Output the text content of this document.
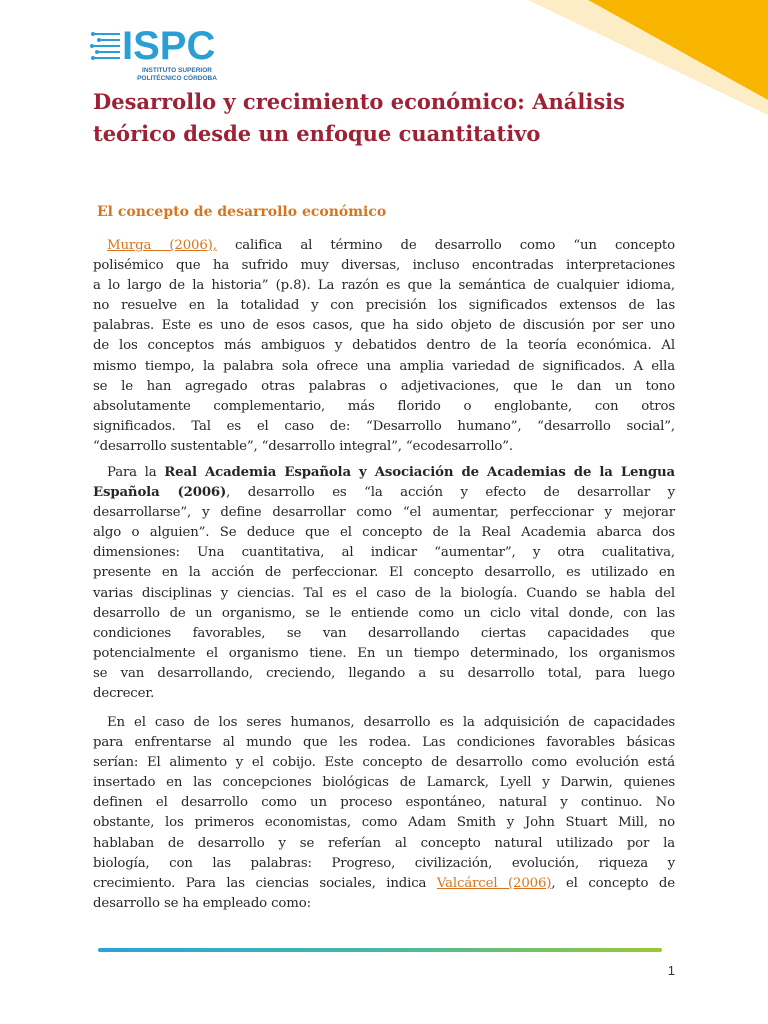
ISPC
INSTITUTO SUPERIOR
POLITÉCNICO CÓRDOBA
Desarrollo y crecimiento económico: Análisis
teórico desde un enfoque cuantitativo
El concepto de desarrollo económico
Murga (2006), califica al término de desarrollo como “un concepto
polisémico que ha sufrido muy diversas, incluso encontradas interpretaciones
a lo largo de la historia” (p.8). La razón es que la semántica de cualquier idioma,
no resuelve en la totalidad y con precisión los significados extensos de las
palabras. Este es uno de esos casos, que ha sido objeto de discusión por ser uno
de los conceptos más ambiguos y debatidos dentro de la teoría económica. Al
mismo tiempo, la palabra sola ofrece una amplia variedad de significados. A ella
se le han agregado otras palabras o adjetivaciones, que le dan un tono
absolutamente complementario, más florido o englobante, con otros
significados. Tal es el caso de: “Desarrollo humano”, “desarrollo social”,
“desarrollo sustentable”, “desarrollo integral”, “ecodesarrollo”.
Para la Real Academia Española y Asociación de Academias de la Lengua
Española (2006), desarrollo es “la acción y efecto de desarrollar y
desarrollarse”, y define desarrollar como “el aumentar, perfeccionar y mejorar
algo o alguien”. Se deduce que el concepto de la Real Academia abarca dos
dimensiones: Una cuantitativa, al indicar “aumentar”, y otra cualitativa,
presente en la acción de perfeccionar. El concepto desarrollo, es utilizado en
varias disciplinas y ciencias. Tal es el caso de la biología. Cuando se habla del
desarrollo de un organismo, se le entiende como un ciclo vital donde, con las
condiciones favorables, se van desarrollando ciertas capacidades que
potencialmente el organismo tiene. En un tiempo determinado, los organismos
se van desarrollando, creciendo, llegando a su desarrollo total, para luego
decrecer.
En el caso de los seres humanos, desarrollo es la adquisición de capacidades
para enfrentarse al mundo que les rodea. Las condiciones favorables básicas
serían: El alimento y el cobijo. Este concepto de desarrollo como evolución está
insertado en las concepciones biológicas de Lamarck, Lyell y Darwin, quienes
definen el desarrollo como un proceso espontáneo, natural y continuo. No
obstante, los primeros economistas, como Adam Smith y John Stuart Mill, no
hablaban de desarrollo y se referían al concepto natural utilizado por la
biología, con las palabras: Progreso, civilización, evolución, riqueza y
crecimiento. Para las ciencias sociales, indica Valcárcel (2006), el concepto de
desarrollo se ha empleado como:
1
